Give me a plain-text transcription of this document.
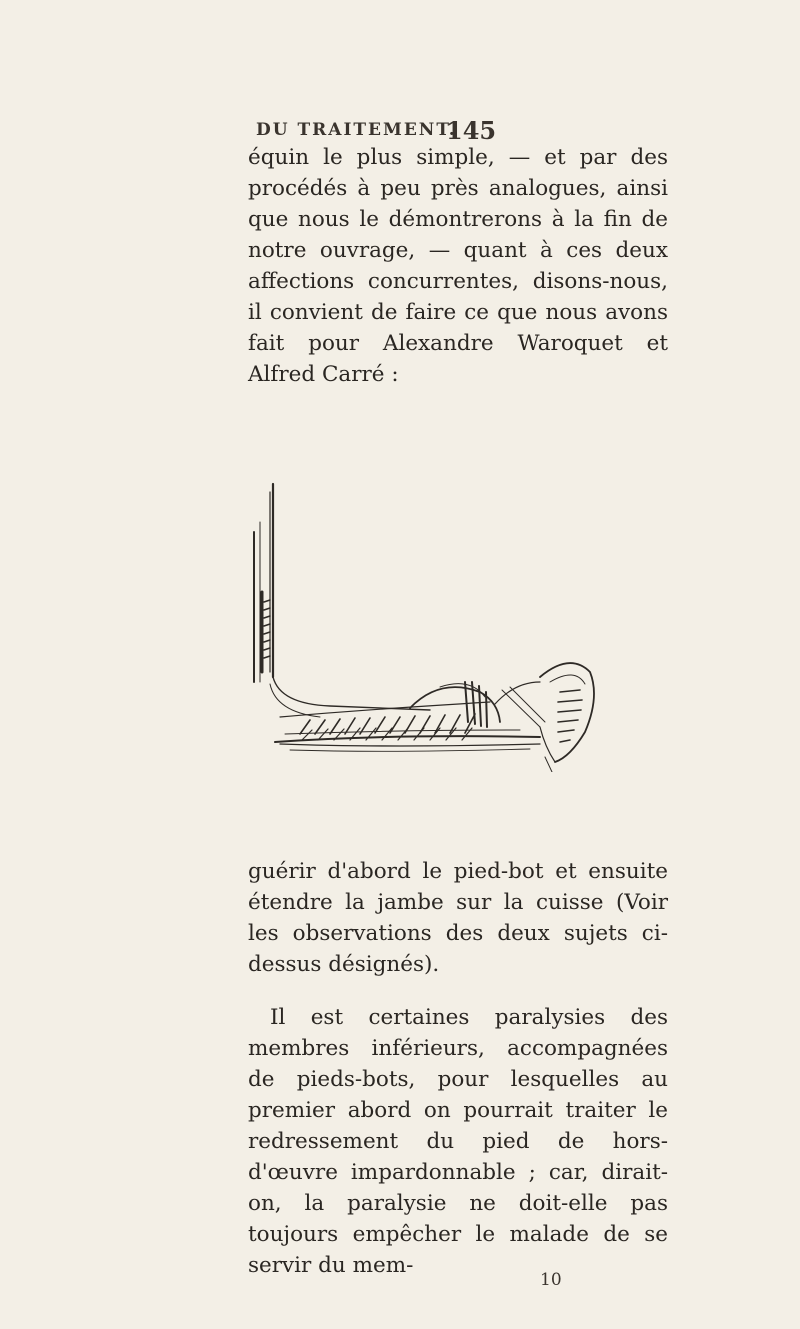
DU TRAITEMENT.
145

équin le plus simple, — et par des procédés à peu près analogues, ainsi que nous le démontrerons à la fin de notre ouvrage, — quant à ces deux affections concurrentes, disons-nous, il convient de faire ce que nous avons fait pour Alexandre Waroquet et Alfred Carré :

guérir d'abord le pied-bot et ensuite étendre la jambe sur la cuisse (Voir les observations des deux sujets ci-dessus désignés).

Il est certaines paralysies des membres inférieurs, accompagnées de pieds-bots, pour lesquelles au premier abord on pourrait traiter le redressement du pied de hors-d'œuvre impardonnable ; car, dirait-on, la paralysie ne doit-elle pas toujours empêcher le malade de se servir du mem-

10
